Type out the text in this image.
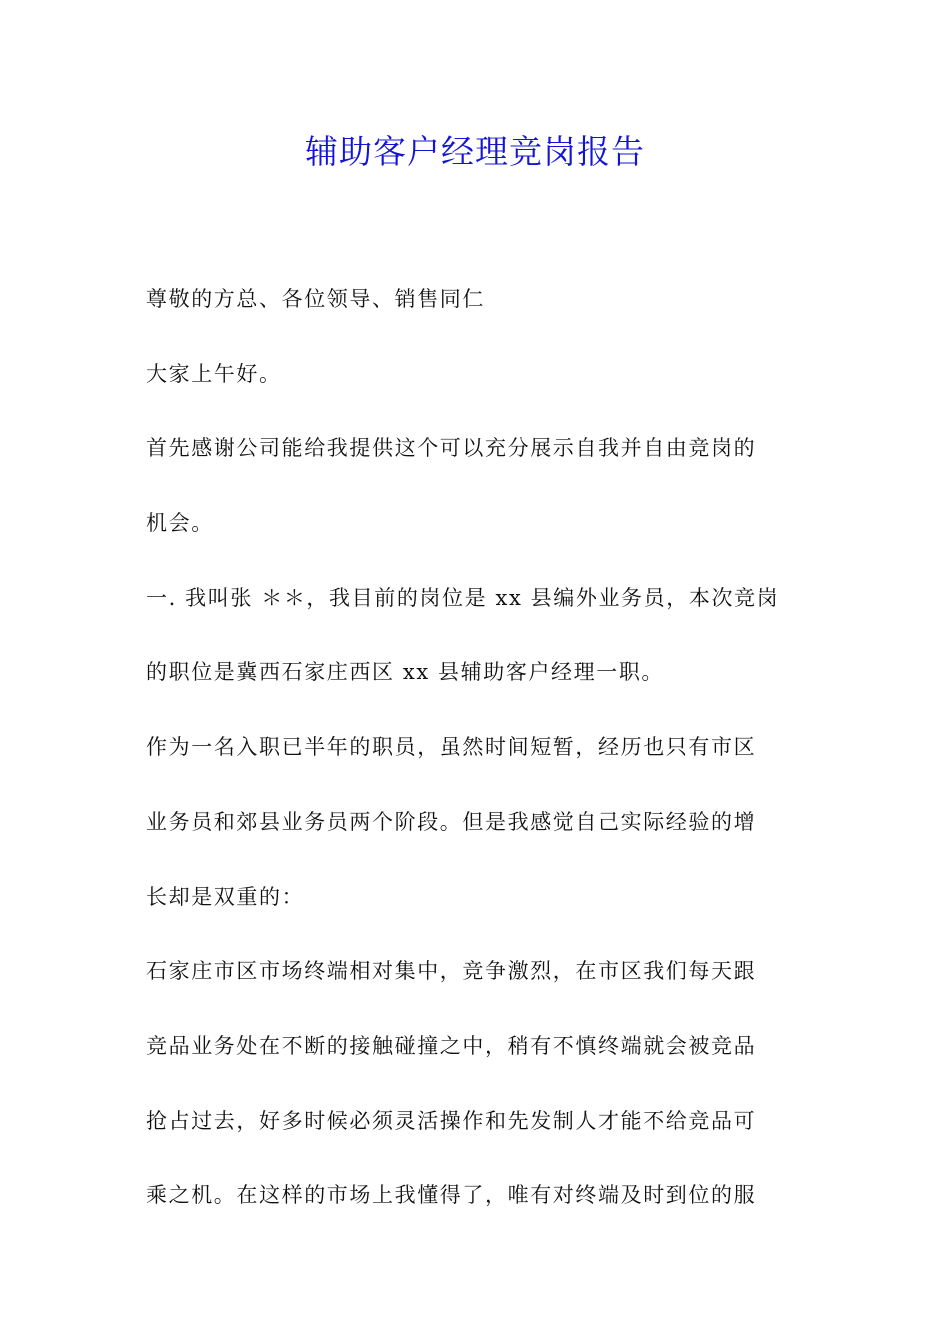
辅助客户经理竞岗报告

尊敬的方总、各位领导、销售同仁

大家上午好。

首先感谢公司能给我提供这个可以充分展示自我并自由竞岗的

机会。

一. 我叫张 ＊＊，我目前的岗位是 xx 县编外业务员，本次竞岗

的职位是冀西石家庄西区 xx 县辅助客户经理一职。

作为一名入职已半年的职员，虽然时间短暂，经历也只有市区

业务员和郊县业务员两个阶段。但是我感觉自己实际经验的增

长却是双重的：

石家庄市区市场终端相对集中，竞争激烈，在市区我们每天跟

竞品业务处在不断的接触碰撞之中，稍有不慎终端就会被竞品

抢占过去，好多时候必须灵活操作和先发制人才能不给竞品可

乘之机。在这样的市场上我懂得了，唯有对终端及时到位的服
